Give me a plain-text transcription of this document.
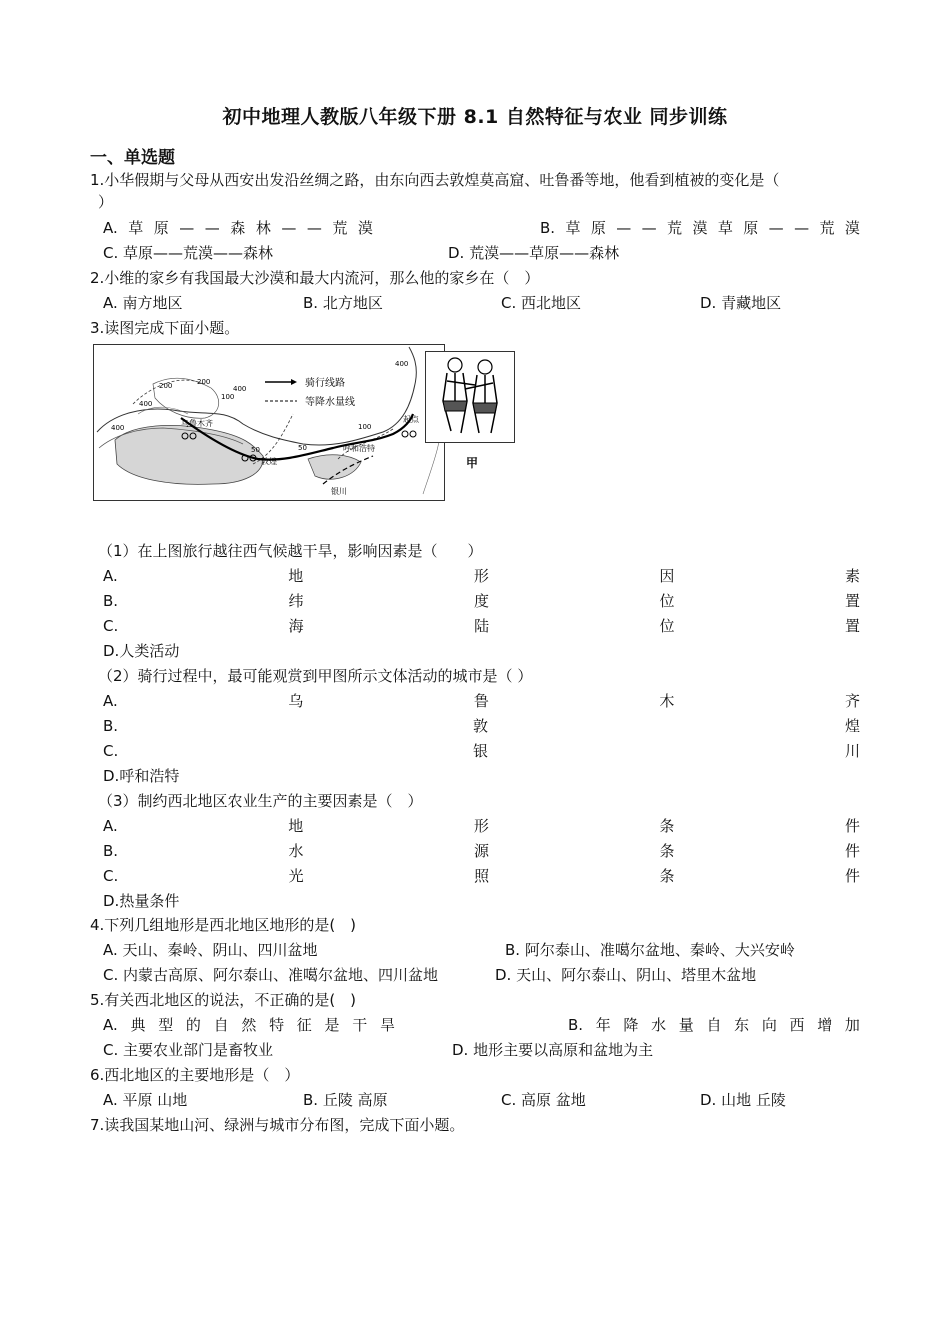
初中地理人教版八年级下册 8.1 自然特征与农业 同步训练
一、单选题
1.小华假期与父母从西安出发沿丝绸之路，由东向西去敦煌莫高窟、吐鲁番等地，他看到植被的变化是（
）
A. 草 原 — — 森 林 — — 荒 漠	B. 草 原 — — 荒 漠 草 原 — — 荒 漠
C. 草原——荒漠——森林	D. 荒漠——草原——森林
2.小维的家乡有我国最大沙漠和最大内流河，那么他的家乡在（　）
A. 南方地区	B. 北方地区	C. 西北地区	D. 青藏地区
3.读图完成下面小题。
骑行线路
等降水量线
乌鲁木齐
敦煌
呼和浩特
银川
起点
400
200
400
200
100
400
50	50
100
400
甲
（1）在上图旅行越往西气候越干旱，影响因素是（　　）
A.	地	形	因	素
B.	纬	度	位	置
C.	海	陆	位	置
D.人类活动
（2）骑行过程中，最可能观赏到甲图所示文体活动的城市是（ ）
A.	乌	鲁	木	齐
B.	敦	煌
C.	银	川
D.呼和浩特
（3）制约西北地区农业生产的主要因素是（　）
A.	地	形	条	件
B.	水	源	条	件
C.	光	照	条	件
D.热量条件
4.下列几组地形是西北地区地形的是(　)
A. 天山、秦岭、阴山、四川盆地	B. 阿尔泰山、准噶尔盆地、秦岭、大兴安岭
C. 内蒙古高原、阿尔泰山、准噶尔盆地、四川盆地	D. 天山、阿尔泰山、阴山、塔里木盆地
5.有关西北地区的说法，不正确的是(　)
A. 典 型 的 自 然 特 征 是 干 旱	B. 年 降 水 量 自 东 向 西 增 加
C. 主要农业部门是畜牧业	D. 地形主要以高原和盆地为主
6.西北地区的主要地形是（　）
A. 平原 山地	B. 丘陵 高原	C. 高原 盆地	D. 山地 丘陵
7.读我国某地山河、绿洲与城市分布图，完成下面小题。
